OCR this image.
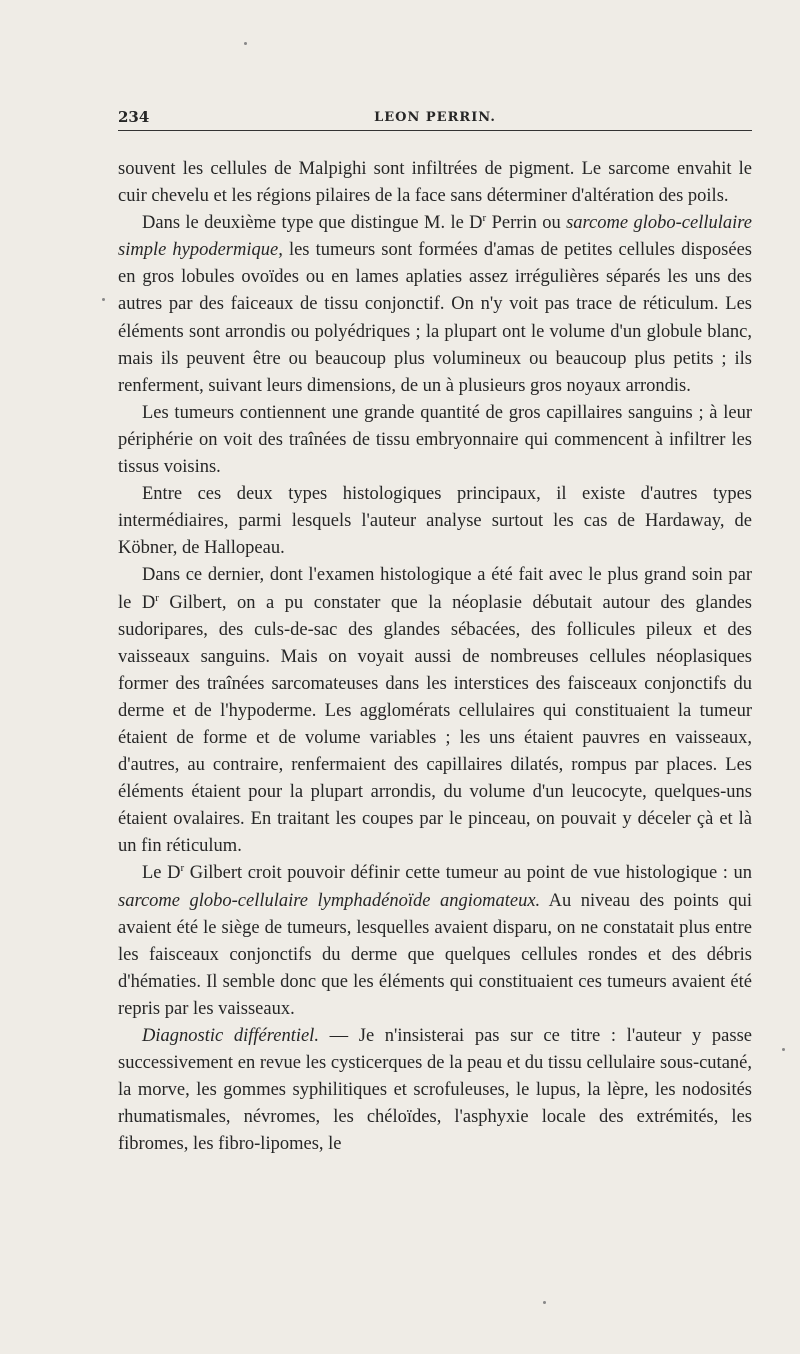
234	LEON PERRIN.

souvent les cellules de Malpighi sont infiltrées de pigment. Le sarcome envahit le cuir chevelu et les régions pilaires de la face sans déterminer d'altération des poils.

Dans le deuxième type que distingue M. le $D^r$ Perrin ou sarcome globo-cellulaire simple hypodermique, les tumeurs sont formées d'amas de petites cellules disposées en gros lobules ovoïdes ou en lames aplaties assez irrégulières séparés les uns des autres par des faiceaux de tissu conjonctif. On n'y voit pas trace de réticulum. Les éléments sont arrondis ou polyédriques ; la plupart ont le volume d'un globule blanc, mais ils peuvent être ou beaucoup plus volumineux ou beaucoup plus petits ; ils renferment, suivant leurs dimensions, de un à plusieurs gros noyaux arrondis.

Les tumeurs contiennent une grande quantité de gros capillaires sanguins ; à leur périphérie on voit des traînées de tissu embryonnaire qui commencent à infiltrer les tissus voisins.

Entre ces deux types histologiques principaux, il existe d'autres types intermédiaires, parmi lesquels l'auteur analyse surtout les cas de Hardaway, de Köbner, de Hallopeau.

Dans ce dernier, dont l'examen histologique a été fait avec le plus grand soin par le $D^r$ Gilbert, on a pu constater que la néoplasie débutait autour des glandes sudoripares, des culs-de-sac des glandes sébacées, des follicules pileux et des vaisseaux sanguins. Mais on voyait aussi de nombreuses cellules néoplasiques former des traînées sarcomateuses dans les interstices des faisceaux conjonctifs du derme et de l'hypoderme. Les agglomérats cellulaires qui constituaient la tumeur étaient de forme et de volume variables ; les uns étaient pauvres en vaisseaux, d'autres, au contraire, renfermaient des capillaires dilatés, rompus par places. Les éléments étaient pour la plupart arrondis, du volume d'un leucocyte, quelques-uns étaient ovalaires. En traitant les coupes par le pinceau, on pouvait y déceler çà et là un fin réticulum.

Le $D^r$ Gilbert croit pouvoir définir cette tumeur au point de vue histologique : un sarcome globo-cellulaire lymphadénoïde angiomateux. Au niveau des points qui avaient été le siège de tumeurs, lesquelles avaient disparu, on ne constatait plus entre les faisceaux conjonctifs du derme que quelques cellules rondes et des débris d'hématies. Il semble donc que les éléments qui constituaient ces tumeurs avaient été repris par les vaisseaux.

Diagnostic différentiel. — Je n'insisterai pas sur ce titre : l'auteur y passe successivement en revue les cysticerques de la peau et du tissu cellulaire sous-cutané, la morve, les gommes syphilitiques et scrofuleuses, le lupus, la lèpre, les nodosités rhumatismales, névromes, les chéloïdes, l'asphyxie locale des extrémités, les fibromes, les fibro-lipomes, le
